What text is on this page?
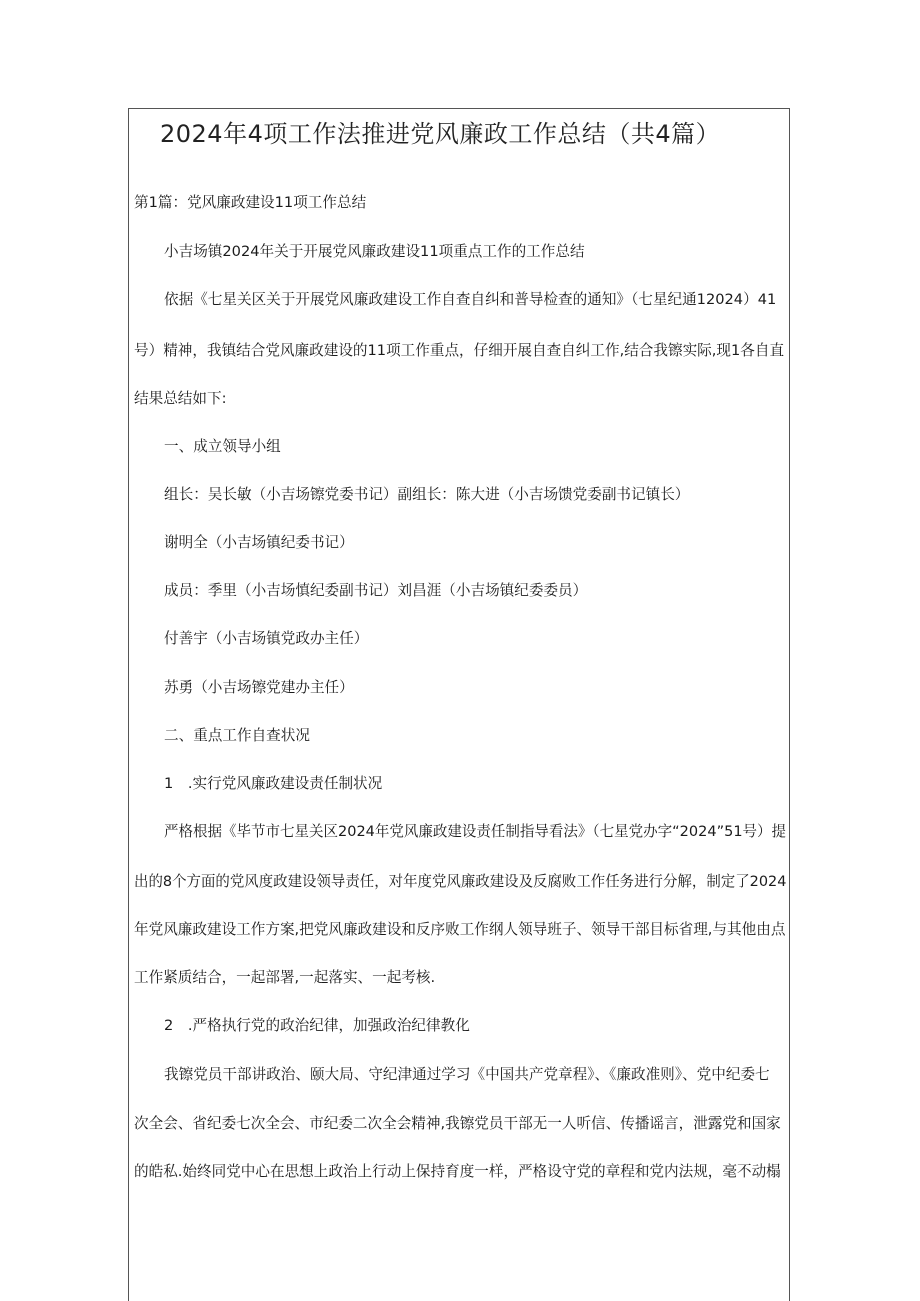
2024年4项工作法推进党风廉政工作总结（共4篇）
第1篇：党风廉政建设11项工作总结
小吉场镇2024年关于开展党风廉政建设11项重点工作的工作总结
依据《七星关区关于开展党风廉政建设工作自查自纠和普导检查的通知》（七星纪通12024）41
号）精神，我镇结合党风廉政建设的11项工作重点，仔细开展自查自纠工作,结合我镲实际,现1各自直
结果总结如下:
一、成立领导小组
组长：吴长敏（小吉场镲党委书记）副组长：陈大进（小吉场馈党委副书记镇长）
谢明全（小吉场镇纪委书记）
成员：季里（小吉场慎纪委副书记）刘昌涯（小吉场镇纪委委员）
付善宇（小吉场镇党政办主任）
苏勇（小吉场镲党建办主任）
二、重点工作自查状况
1　.实行党风廉政建设责任制状况
严格根据《毕节市七星关区2024年党风廉政建设责任制指导看法》（七星党办字“2024”51号）提
出的8个方面的党风度政建设领导责任，对年度党风廉政建设及反腐败工作任务进行分解，制定了2024
年党风廉政建设工作方案,把党风廉政建设和反序败工作纲人领导班子、领导干部目标省理,与其他由点
工作紧质结合，一起部署,一起落实、一起考核.
2　.严格执行党的政治纪律，加强政治纪律教化
我镲党员干部讲政治、颐大局、守纪津通过学习《中国共产党章程》、《廉政准则》、党中纪委七
次全会、省纪委七次全会、市纪委二次全会精神,我镲党员干部无一人听信、传播谣言，泄露党和国家
的皓私.始终同党中心在思想上政治上行动上保持育度一样，严格设守党的章程和党内法规，毫不动榻
